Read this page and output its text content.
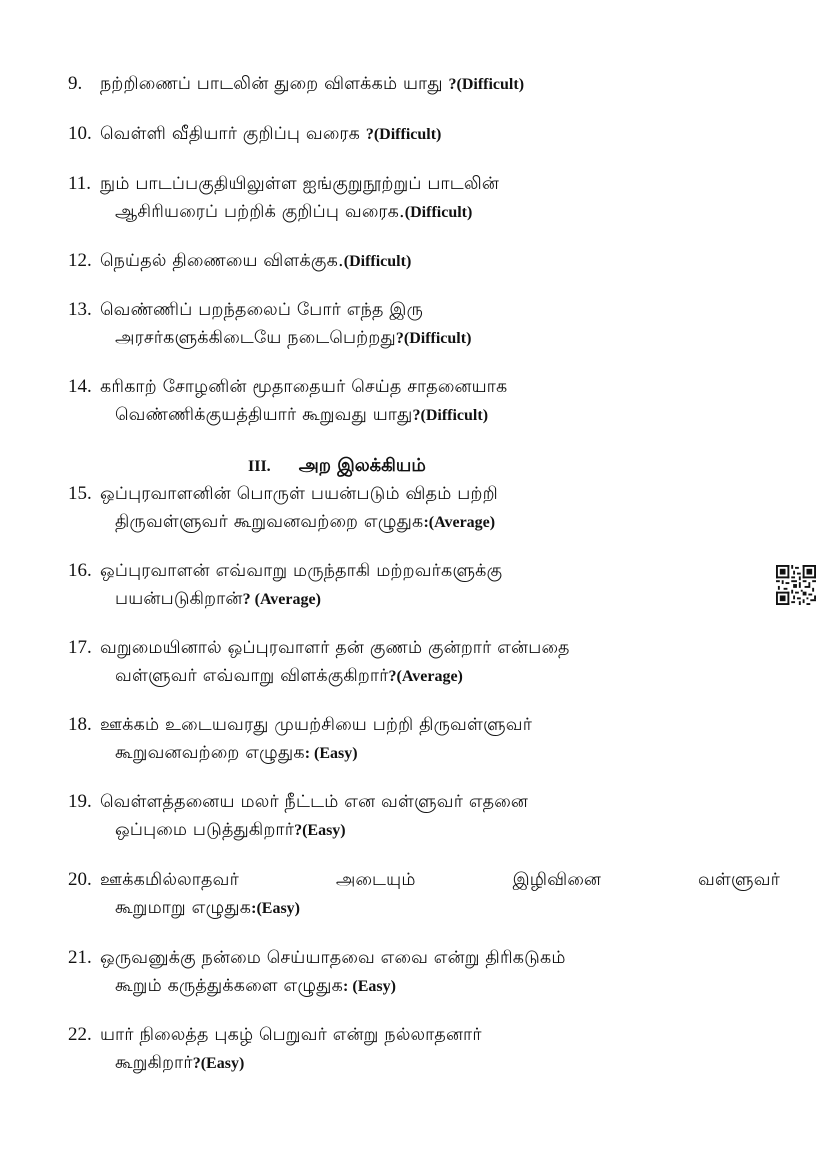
9. நற்றிணைப் பாடலின் துறை விளக்கம் யாது ?(Difficult)
10. வெள்ளி வீதியார் குறிப்பு வரைக ?(Difficult)
11. நும் பாடப்பகுதியிலுள்ள ஐங்குறுநூற்றுப் பாடலின்
ஆசிரியரைப் பற்றிக் குறிப்பு வரைக.(Difficult)
12. நெய்தல் திணையை விளக்குக.(Difficult)
13. வெண்ணிப் பறந்தலைப் போர் எந்த இரு
அரசர்களுக்கிடையே நடைபெற்றது?(Difficult)
14. கரிகாற் சோழனின் மூதாதையர் செய்த சாதனையாக
வெண்ணிக்குயத்தியார் கூறுவது யாது?(Difficult)
III. அற இலக்கியம்
15. ஒப்புரவாளனின் பொருள் பயன்படும் விதம் பற்றி
திருவள்ளுவர் கூறுவனவற்றை எழுதுக:(Average)
16. ஒப்புரவாளன் எவ்வாறு மருந்தாகி மற்றவர்களுக்கு
பயன்படுகிறான்? (Average)
17. வறுமையினால் ஒப்புரவாளர் தன் குணம் குன்றார் என்பதை
வள்ளுவர் எவ்வாறு விளக்குகிறார்?(Average)
18. ஊக்கம் உடையவரது முயற்சியை பற்றி திருவள்ளுவர்
கூறுவனவற்றை எழுதுக: (Easy)
19. வெள்ளத்தனைய மலர் நீட்டம் என வள்ளுவர் எதனை
ஒப்புமை படுத்துகிறார்?(Easy)
20. ஊக்கமில்லாதவர்	அடையும்	இழிவினை	வள்ளுவர்
கூறுமாறு எழுதுக:(Easy)
21. ஒருவனுக்கு நன்மை செய்யாதவை எவை என்று திரிகடுகம்
கூறும் கருத்துக்களை எழுதுக: (Easy)
22. யார் நிலைத்த புகழ் பெறுவர் என்று நல்லாதனார்
கூறுகிறார்?(Easy)
